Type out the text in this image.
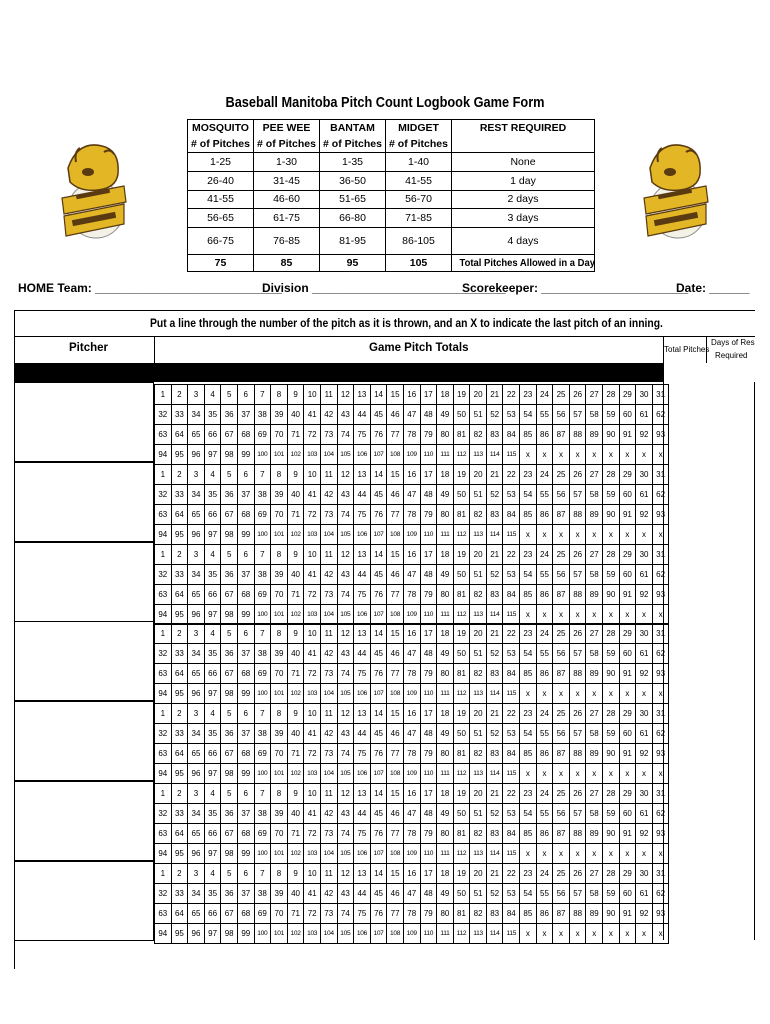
Baseball Manitoba Pitch Count Logbook Game Form
MOSQUITO	PEE WEE	BANTAM	MIDGET	REST REQUIRED
# of Pitches	# of Pitches	# of Pitches	# of Pitches	
1-25	1-30	1-35	1-40	None
26-40	31-45	36-50	41-55	1 day
41-55	46-60	51-65	56-70	2 days
56-65	61-75	66-80	71-85	3 days
66-75	76-85	81-95	86-105	4 days
75	85	95	105	Total Pitches Allowed in a Day
HOME Team: ____________________________
Division _____________________________
Scorekeeper: ______________________
Date: ______
Put a line through the number of the pitch as it is thrown, and an X to indicate the last pitch of an inning.
Pitcher	Game Pitch Totals	Total Pitches
Days of Res
Required
1	2	3	4	5	6	7	8	9	10	11	12	13	14	15	16	17	18	19	20	21	22	23	24	25	26	27	28	29	30	31
32	33	34	35	36	37	38	39	40	41	42	43	44	45	46	47	48	49	50	51	52	53	54	55	56	57	58	59	60	61	62
63	64	65	66	67	68	69	70	71	72	73	74	75	76	77	78	79	80	81	82	83	84	85	86	87	88	89	90	91	92	93
94	95	96	97	98	99	100	101	102	103	104	105	106	107	108	109	110	111	112	113	114	115	x	x	x	x	x	x	x	x	x
1	2	3	4	5	6	7	8	9	10	11	12	13	14	15	16	17	18	19	20	21	22	23	24	25	26	27	28	29	30	31
32	33	34	35	36	37	38	39	40	41	42	43	44	45	46	47	48	49	50	51	52	53	54	55	56	57	58	59	60	61	62
63	64	65	66	67	68	69	70	71	72	73	74	75	76	77	78	79	80	81	82	83	84	85	86	87	88	89	90	91	92	93
94	95	96	97	98	99	100	101	102	103	104	105	106	107	108	109	110	111	112	113	114	115	x	x	x	x	x	x	x	x	x
1	2	3	4	5	6	7	8	9	10	11	12	13	14	15	16	17	18	19	20	21	22	23	24	25	26	27	28	29	30	31
32	33	34	35	36	37	38	39	40	41	42	43	44	45	46	47	48	49	50	51	52	53	54	55	56	57	58	59	60	61	62
63	64	65	66	67	68	69	70	71	72	73	74	75	76	77	78	79	80	81	82	83	84	85	86	87	88	89	90	91	92	93
94	95	96	97	98	99	100	101	102	103	104	105	106	107	108	109	110	111	112	113	114	115	x	x	x	x	x	x	x	x	x
1	2	3	4	5	6	7	8	9	10	11	12	13	14	15	16	17	18	19	20	21	22	23	24	25	26	27	28	29	30	31
32	33	34	35	36	37	38	39	40	41	42	43	44	45	46	47	48	49	50	51	52	53	54	55	56	57	58	59	60	61	62
63	64	65	66	67	68	69	70	71	72	73	74	75	76	77	78	79	80	81	82	83	84	85	86	87	88	89	90	91	92	93
94	95	96	97	98	99	100	101	102	103	104	105	106	107	108	109	110	111	112	113	114	115	x	x	x	x	x	x	x	x	x
1	2	3	4	5	6	7	8	9	10	11	12	13	14	15	16	17	18	19	20	21	22	23	24	25	26	27	28	29	30	31
32	33	34	35	36	37	38	39	40	41	42	43	44	45	46	47	48	49	50	51	52	53	54	55	56	57	58	59	60	61	62
63	64	65	66	67	68	69	70	71	72	73	74	75	76	77	78	79	80	81	82	83	84	85	86	87	88	89	90	91	92	93
94	95	96	97	98	99	100	101	102	103	104	105	106	107	108	109	110	111	112	113	114	115	x	x	x	x	x	x	x	x	x
1	2	3	4	5	6	7	8	9	10	11	12	13	14	15	16	17	18	19	20	21	22	23	24	25	26	27	28	29	30	31
32	33	34	35	36	37	38	39	40	41	42	43	44	45	46	47	48	49	50	51	52	53	54	55	56	57	58	59	60	61	62
63	64	65	66	67	68	69	70	71	72	73	74	75	76	77	78	79	80	81	82	83	84	85	86	87	88	89	90	91	92	93
94	95	96	97	98	99	100	101	102	103	104	105	106	107	108	109	110	111	112	113	114	115	x	x	x	x	x	x	x	x	x
1	2	3	4	5	6	7	8	9	10	11	12	13	14	15	16	17	18	19	20	21	22	23	24	25	26	27	28	29	30	31
32	33	34	35	36	37	38	39	40	41	42	43	44	45	46	47	48	49	50	51	52	53	54	55	56	57	58	59	60	61	62
63	64	65	66	67	68	69	70	71	72	73	74	75	76	77	78	79	80	81	82	83	84	85	86	87	88	89	90	91	92	93
94	95	96	97	98	99	100	101	102	103	104	105	106	107	108	109	110	111	112	113	114	115	x	x	x	x	x	x	x	x	x
